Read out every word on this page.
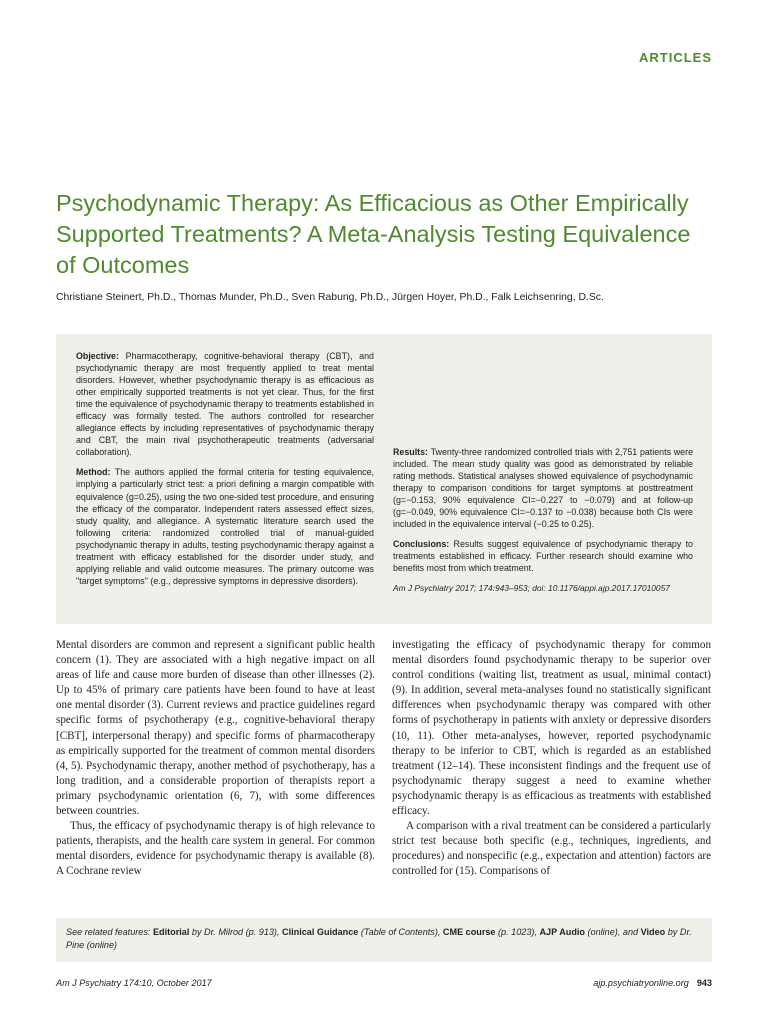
ARTICLES
Psychodynamic Therapy: As Efficacious as Other Empirically Supported Treatments? A Meta-Analysis Testing Equivalence of Outcomes
Christiane Steinert, Ph.D., Thomas Munder, Ph.D., Sven Rabung, Ph.D., Jürgen Hoyer, Ph.D., Falk Leichsenring, D.Sc.

Objective: Pharmacotherapy, cognitive-behavioral therapy (CBT), and psychodynamic therapy are most frequently applied to treat mental disorders. However, whether psychodynamic therapy is as efficacious as other empirically supported treatments is not yet clear. Thus, for the first time the equivalence of psychodynamic therapy to treatments established in efficacy was formally tested. The authors controlled for researcher allegiance effects by including representatives of psychodynamic therapy and CBT, the main rival psychotherapeutic treatments (adversarial collaboration).

Method: The authors applied the formal criteria for testing equivalence, implying a particularly strict test: a priori defining a margin compatible with equivalence (g=0.25), using the two one-sided test procedure, and ensuring the efficacy of the comparator. Independent raters assessed effect sizes, study quality, and allegiance. A systematic literature search used the following criteria: randomized controlled trial of manual-guided psychodynamic therapy in adults, testing psychodynamic therapy against a treatment with efficacy established for the disorder under study, and applying reliable and valid outcome measures. The primary outcome was "target symptoms" (e.g., depressive symptoms in depressive disorders).

Results: Twenty-three randomized controlled trials with 2,751 patients were included. The mean study quality was good as demonstrated by reliable rating methods. Statistical analyses showed equivalence of psychodynamic therapy to comparison conditions for target symptoms at posttreatment (g=−0.153, 90% equivalence CI=−0.227 to −0.079) and at follow-up (g=−0.049, 90% equivalence CI=−0.137 to −0.038) because both CIs were included in the equivalence interval (−0.25 to 0.25).

Conclusions: Results suggest equivalence of psychodynamic therapy to treatments established in efficacy. Further research should examine who benefits most from which treatment.

Am J Psychiatry 2017; 174:943–953; doi: 10.1176/appi.ajp.2017.17010057

Mental disorders are common and represent a significant public health concern (1). They are associated with a high negative impact on all areas of life and cause more burden of disease than other illnesses (2). Up to 45% of primary care patients have been found to have at least one mental disorder (3). Current reviews and practice guidelines regard specific forms of psychotherapy (e.g., cognitive-behavioral therapy [CBT], interpersonal therapy) and specific forms of pharmacotherapy as empirically supported for the treatment of common mental disorders (4, 5). Psychodynamic therapy, another method of psychotherapy, has a long tradition, and a considerable proportion of therapists report a primary psychodynamic orientation (6, 7), with some differences between countries.

Thus, the efficacy of psychodynamic therapy is of high relevance to patients, therapists, and the health care system in general. For common mental disorders, evidence for psychodynamic therapy is available (8). A Cochrane review

investigating the efficacy of psychodynamic therapy for common mental disorders found psychodynamic therapy to be superior over control conditions (waiting list, treatment as usual, minimal contact) (9). In addition, several meta-analyses found no statistically significant differences when psychodynamic therapy was compared with other forms of psychotherapy in patients with anxiety or depressive disorders (10, 11). Other meta-analyses, however, reported psychodynamic therapy to be inferior to CBT, which is regarded as an established treatment (12–14). These inconsistent findings and the frequent use of psychodynamic therapy suggest a need to examine whether psychodynamic therapy is as efficacious as treatments with established efficacy.

A comparison with a rival treatment can be considered a particularly strict test because both specific (e.g., techniques, ingredients, and procedures) and nonspecific (e.g., expectation and attention) factors are controlled for (15). Comparisons of

See related features: Editorial by Dr. Milrod (p. 913), Clinical Guidance (Table of Contents), CME course (p. 1023), AJP Audio (online), and Video by Dr. Pine (online)
Am J Psychiatry 174:10, October 2017	ajp.psychiatryonline.org 943
